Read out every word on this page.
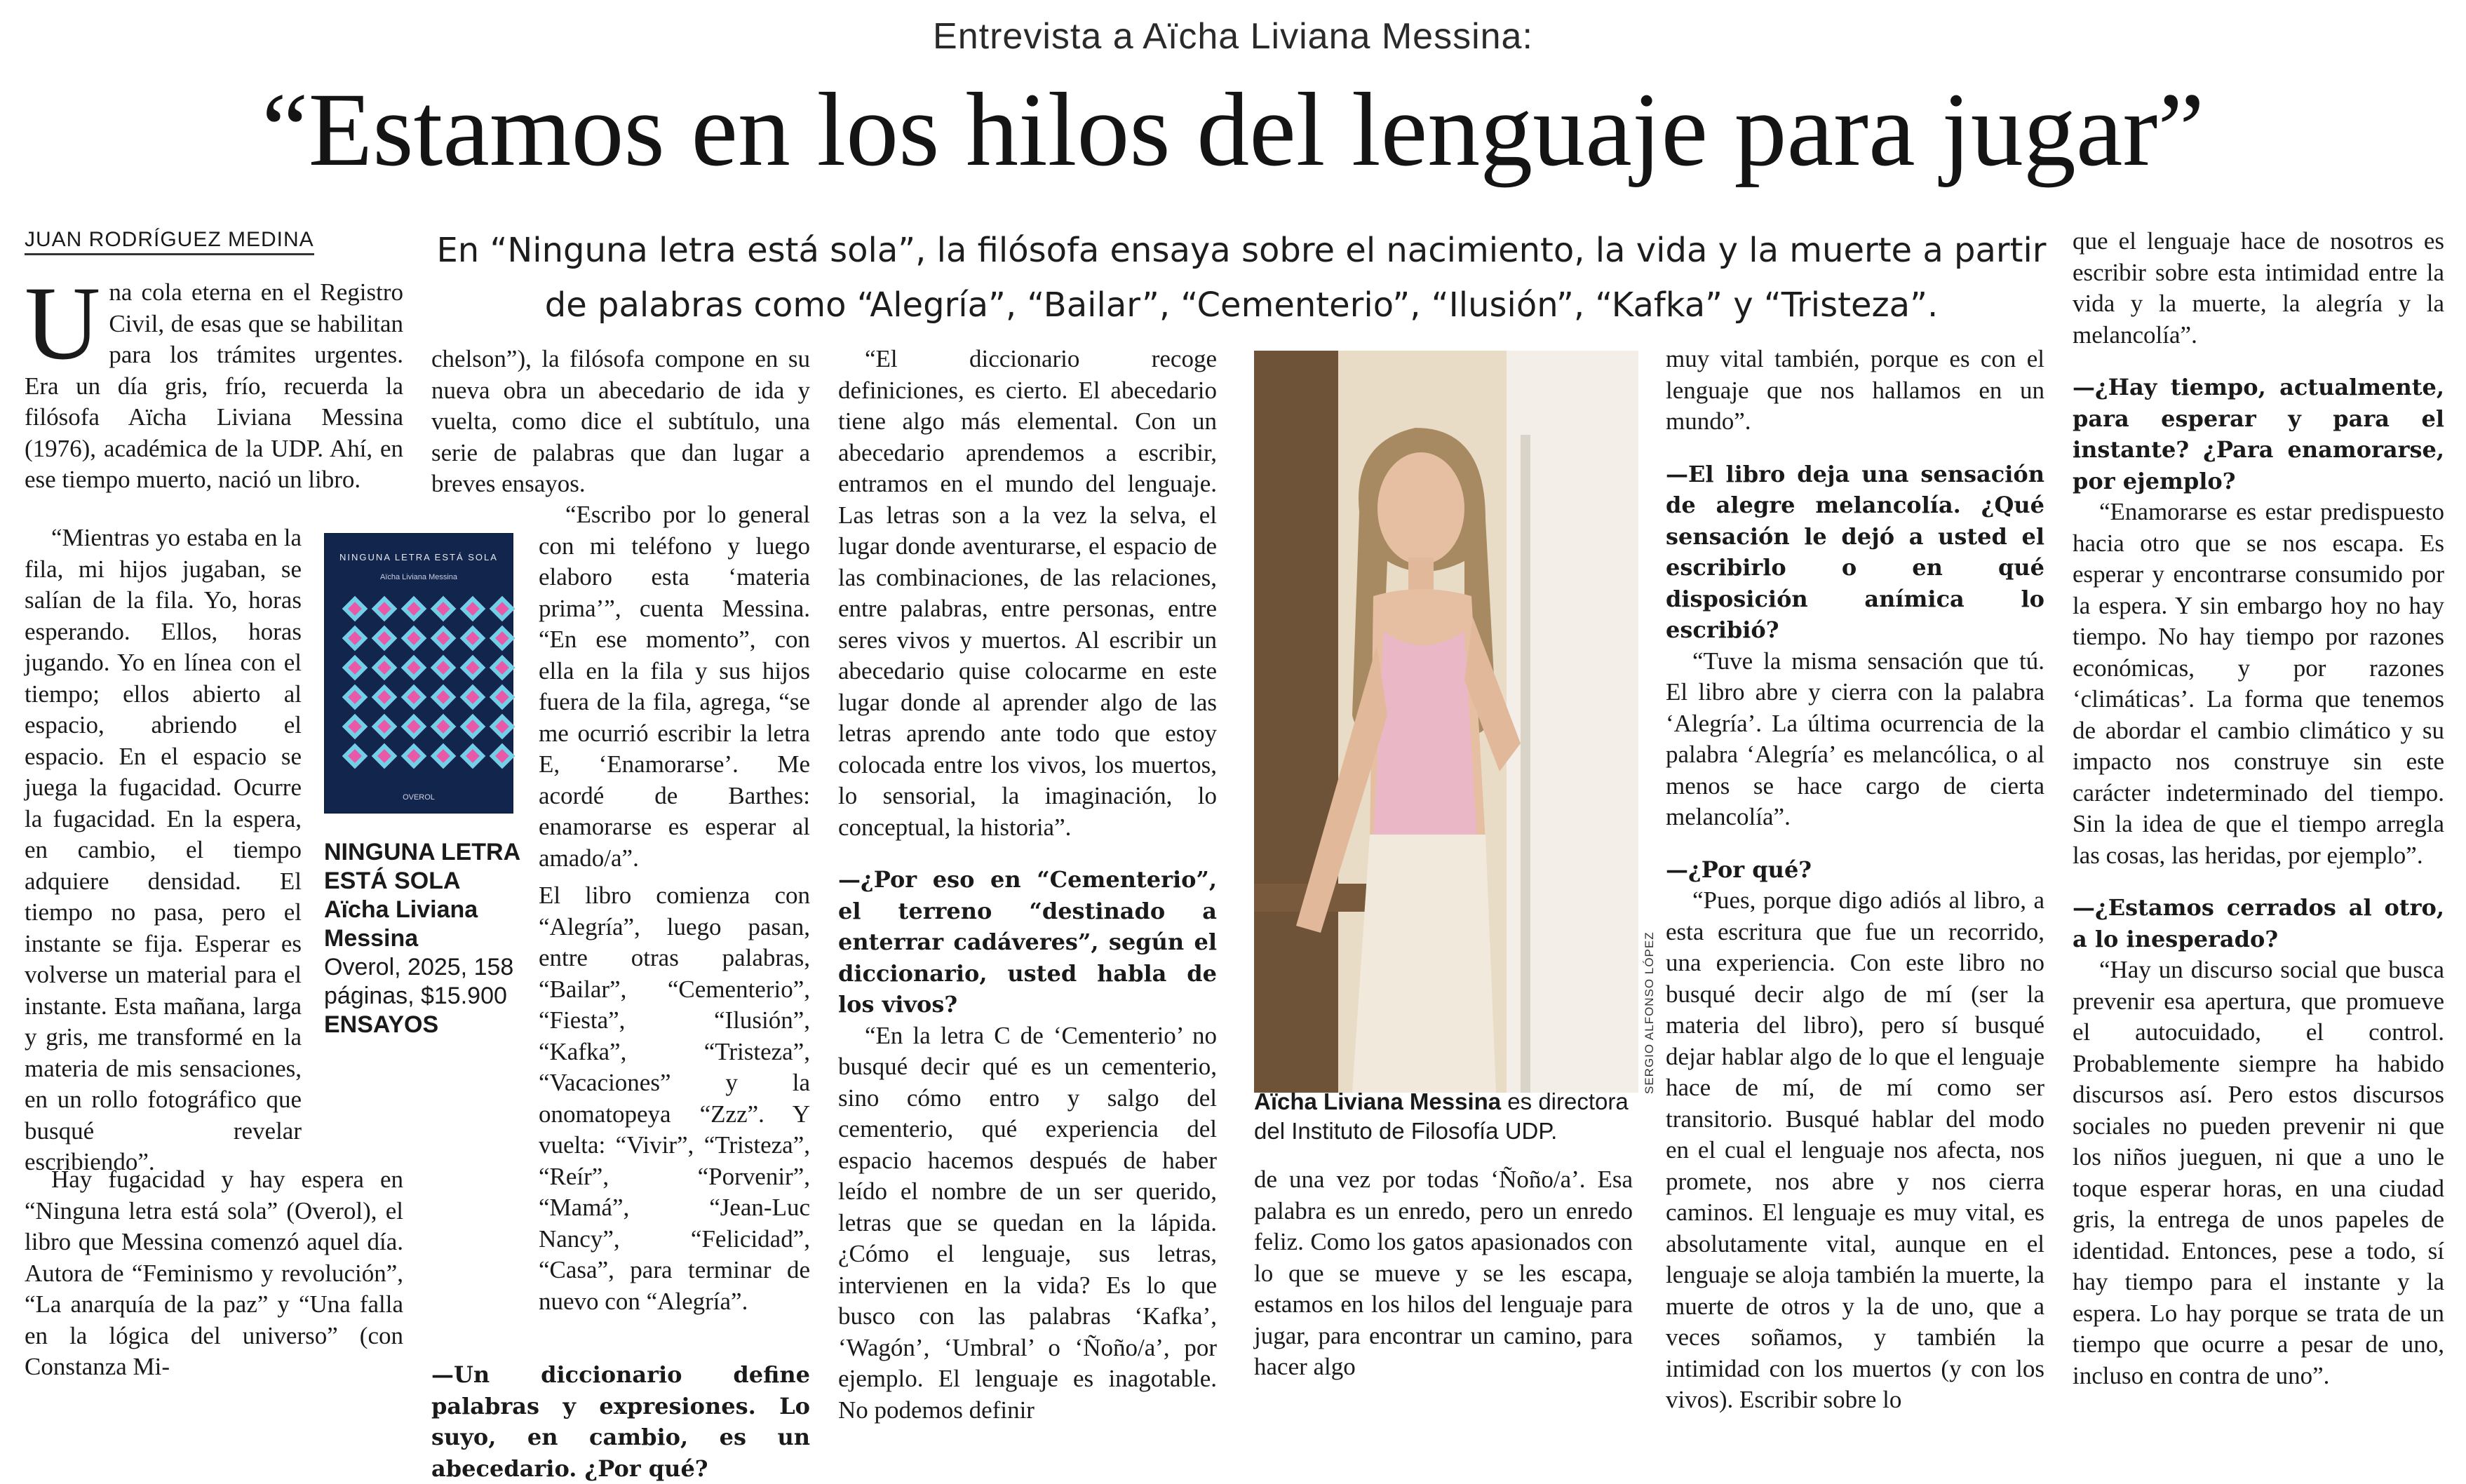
Entrevista a Aïcha Liviana Messina:
“Estamos en los hilos del lenguaje para jugar”
JUAN RODRÍGUEZ MEDINA	En “Ninguna letra está sola”, la filósofa ensaya sobre el nacimiento, la vida y la muerte a partir de palabras como “Alegría”, “Bailar”, “Cementerio”, “Ilusión”, “Kafka” y “Tristeza”.
U na cola eterna en el Registro Civil, de esas que se habilitan para los trámites urgentes. Era un día gris, frío, recuerda la filósofa Aïcha Liviana Messina (1976), académica de la UDP. Ahí, en ese tiempo muerto, nació un libro.

“Mientras yo estaba en la fila, mi hijos jugaban, se salían de la fila. Yo, horas esperando. Ellos, horas jugando. Yo en línea con el tiempo; ellos abierto al espacio, abriendo el espacio. En el espacio se juega la fugacidad. Ocurre la fugacidad. En la espera, en cambio, el tiempo adquiere densidad. El tiempo no pasa, pero el instante se fija. Esperar es volverse un material para el instante. Esta mañana, larga y gris, me transformé en la materia de mis sensaciones, en un rollo fotográfico que busqué revelar escribiendo”.

Hay fugacidad y hay espera en “Ninguna letra está sola” (Overol), el libro que Messina comenzó aquel día. Autora de “Feminismo y revolución”, “La anarquía de la paz” y “Una falla en la lógica del universo” (con Constanza Mi-

NINGUNA LETRA ESTÁ SOLA
Aïcha Liviana Messina
OVEROL
NINGUNA LETRA ESTÁ SOLA
Aïcha Liviana Messina
Overol, 2025, 158 páginas, $15.900
ENSAYOS

chelson”), la filósofa compone en su nueva obra un abecedario de ida y vuelta, como dice el subtítulo, una serie de palabras que dan lugar a breves ensayos.

“Escribo por lo general con mi teléfono y luego elaboro esta ‘materia prima’”, cuenta Messina. “En ese momento”, con ella en la fila y sus hijos fuera de la fila, agrega, “se me ocurrió escribir la letra E, ‘Enamorarse’. Me acordé de Barthes: enamorarse es esperar al amado/a”.

El libro comienza con “Alegría”, luego pasan, entre otras palabras, “Bailar”, “Cementerio”, “Fiesta”, “Ilusión”, “Kafka”, “Tristeza”, “Vacaciones” y la onomatopeya “Zzz”. Y vuelta: “Vivir”, “Tristeza”, “Reír”, “Porvenir”, “Mamá”, “Jean-Luc Nancy”, “Felicidad”, “Casa”, para terminar de nuevo con “Alegría”.

—Un diccionario define palabras y expresiones. Lo suyo, en cambio, es un abecedario. ¿Por qué?

“El diccionario recoge definiciones, es cierto. El abecedario tiene algo más elemental. Con un abecedario aprendemos a escribir, entramos en el mundo del lenguaje. Las letras son a la vez la selva, el lugar donde aventurarse, el espacio de las combinaciones, de las relaciones, entre palabras, entre personas, entre seres vivos y muertos. Al escribir un abecedario quise colocarme en este lugar donde al aprender algo de las letras aprendo ante todo que estoy colocada entre los vivos, los muertos, lo sensorial, la imaginación, lo conceptual, la historia”.

—¿Por eso en “Cementerio”, el terreno “destinado a enterrar cadáveres”, según el diccionario, usted habla de los vivos?

“En la letra C de ‘Cementerio’ no busqué decir qué es un cementerio, sino cómo entro y salgo del cementerio, qué experiencia del espacio hacemos después de haber leído el nombre de un ser querido, letras que se quedan en la lápida. ¿Cómo el lenguaje, sus letras, intervienen en la vida? Es lo que busco con las palabras ‘Kafka’, ‘Wagón’, ‘Umbral’ o ‘Ñoño/a’, por ejemplo. El lenguaje es inagotable. No podemos definir

SERGIO ALFONSO LÓPEZ
Aïcha Liviana Messina es directora del Instituto de Filosofía UDP.

de una vez por todas ‘Ñoño/a’. Esa palabra es un enredo, pero un enredo feliz. Como los gatos apasionados con lo que se mueve y se les escapa, estamos en los hilos del lenguaje para jugar, para encontrar un camino, para hacer algo

muy vital también, porque es con el lenguaje que nos hallamos en un mundo”.

—El libro deja una sensación de alegre melancolía. ¿Qué sensación le dejó a usted el escribirlo o en qué disposición anímica lo escribió?

“Tuve la misma sensación que tú. El libro abre y cierra con la palabra ‘Alegría’. La última ocurrencia de la palabra ‘Alegría’ es melancólica, o al menos se hace cargo de cierta melancolía”.

—¿Por qué?

“Pues, porque digo adiós al libro, a esta escritura que fue un recorrido, una experiencia. Con este libro no busqué decir algo de mí (ser la materia del libro), pero sí busqué dejar hablar algo de lo que el lenguaje hace de mí, de mí como ser transitorio. Busqué hablar del modo en el cual el lenguaje nos afecta, nos promete, nos abre y nos cierra caminos. El lenguaje es muy vital, es absolutamente vital, aunque en el lenguaje se aloja también la muerte, la muerte de otros y la de uno, que a veces soñamos, y también la intimidad con los muertos (y con los vivos). Escribir sobre lo

que el lenguaje hace de nosotros es escribir sobre esta intimidad entre la vida y la muerte, la alegría y la melancolía”.

—¿Hay tiempo, actualmente, para esperar y para el instante? ¿Para enamorarse, por ejemplo?

“Enamorarse es estar predispuesto hacia otro que se nos escapa. Es esperar y encontrarse consumido por la espera. Y sin embargo hoy no hay tiempo. No hay tiempo por razones económicas, y por razones ‘climáticas’. La forma que tenemos de abordar el cambio climático y su impacto nos construye sin este carácter indeterminado del tiempo. Sin la idea de que el tiempo arregla las cosas, las heridas, por ejemplo”.

—¿Estamos cerrados al otro, a lo inesperado?

“Hay un discurso social que busca prevenir esa apertura, que promueve el autocuidado, el control. Probablemente siempre ha habido discursos así. Pero estos discursos sociales no pueden prevenir ni que los niños jueguen, ni que a uno le toque esperar horas, en una ciudad gris, la entrega de unos papeles de identidad. Entonces, pese a todo, sí hay tiempo para el instante y la espera. Lo hay porque se trata de un tiempo que ocurre a pesar de uno, incluso en contra de uno”.
